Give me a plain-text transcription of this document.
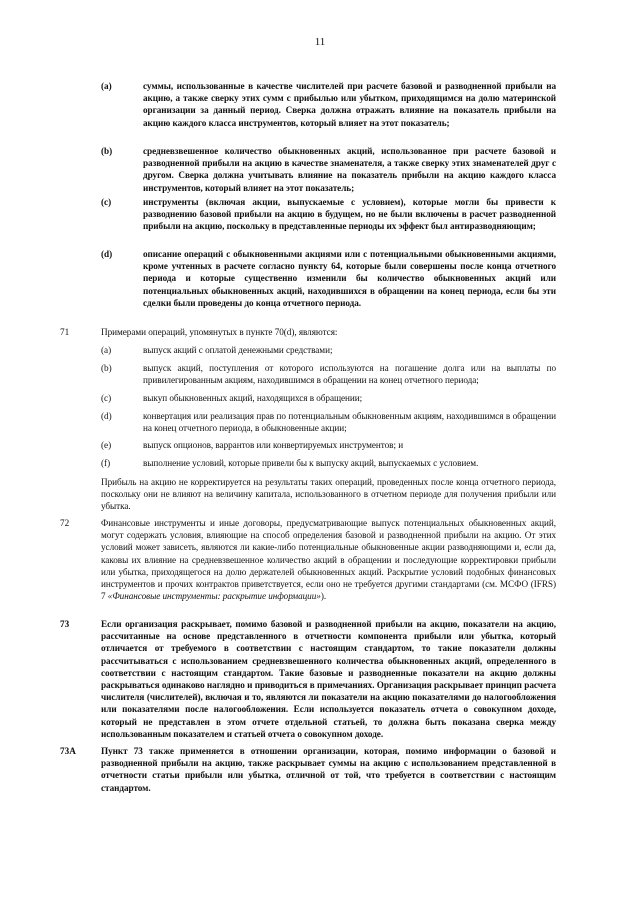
11
(a)	суммы, использованные в качестве числителей при расчете базовой и разводненной прибыли на акцию, а также сверку этих сумм с прибылью или убытком, приходящимся на долю материнской организации за данный период. Сверка должна отражать влияние на показатель прибыли на акцию каждого класса инструментов, который влияет на этот показатель;
(b)	средневзвешенное количество обыкновенных акций, использованное при расчете базовой и разводненной прибыли на акцию в качестве знаменателя, а также сверку этих знаменателей друг с другом. Сверка должна учитывать влияние на показатель прибыли на акцию каждого класса инструментов, который влияет на этот показатель;
(c)	инструменты (включая акции, выпускаемые с условием), которые могли бы привести к разводнению базовой прибыли на акцию в будущем, но не были включены в расчет разводненной прибыли на акцию, поскольку в представленные периоды их эффект был антиразводняющим;
(d)	описание операций с обыкновенными акциями или с потенциальными обыкновенными акциями, кроме учтенных в расчете согласно пункту 64, которые были совершены после конца отчетного периода и которые существенно изменили бы количество обыкновенных акций или потенциальных обыкновенных акций, находившихся в обращении на конец периода, если бы эти сделки были проведены до конца отчетного периода.
71	Примерами операций, упомянутых в пункте 70(d), являются:
(a)	выпуск акций с оплатой денежными средствами;
(b)	выпуск акций, поступления от которого используются на погашение долга или на выплаты по привилегированным акциям, находившимся в обращении на конец отчетного периода;
(c)	выкуп обыкновенных акций, находящихся в обращении;
(d)	конвертация или реализация прав по потенциальным обыкновенным акциям, находившимся в обращении на конец отчетного периода, в обыкновенные акции;
(e)	выпуск опционов, варрантов или конвертируемых инструментов; и
(f)	выполнение условий, которые привели бы к выпуску акций, выпускаемых с условием.
Прибыль на акцию не корректируется на результаты таких операций, проведенных после конца отчетного периода, поскольку они не влияют на величину капитала, использованного в отчетном периоде для получения прибыли или убытка.
72	Финансовые инструменты и иные договоры, предусматривающие выпуск потенциальных обыкновенных акций, могут содержать условия, влияющие на способ определения базовой и разводненной прибыли на акцию. От этих условий может зависеть, являются ли какие-либо потенциальные обыкновенные акции разводняющими и, если да, каковы их влияние на средневзвешенное количество акций в обращении и последующие корректировки прибыли или убытка, приходящегося на долю держателей обыкновенных акций. Раскрытие условий подобных финансовых инструментов и прочих контрактов приветствуется, если оно не требуется другими стандартами (см. МСФО (IFRS) 7 «Финансовые инструменты: раскрытие информации»).
73	Если организация раскрывает, помимо базовой и разводненной прибыли на акцию, показатели на акцию, рассчитанные на основе представленного в отчетности компонента прибыли или убытка, который отличается от требуемого в соответствии с настоящим стандартом, то такие показатели должны рассчитываться с использованием средневзвешенного количества обыкновенных акций, определенного в соответствии с настоящим стандартом. Такие базовые и разводненные показатели на акцию должны раскрываться одинаково наглядно и приводиться в примечаниях. Организация раскрывает принцип расчета числителя (числителей), включая и то, являются ли показатели на акцию показателями до налогообложения или показателями после налогообложения. Если используется показатель отчета о совокупном доходе, который не представлен в этом отчете отдельной статьей, то должна быть показана сверка между использованным показателем и статьей отчета о совокупном доходе.
73A	Пункт 73 также применяется в отношении организации, которая, помимо информации о базовой и разводненной прибыли на акцию, также раскрывает суммы на акцию с использованием представленной в отчетности статьи прибыли или убытка, отличной от той, что требуется в соответствии с настоящим стандартом.
